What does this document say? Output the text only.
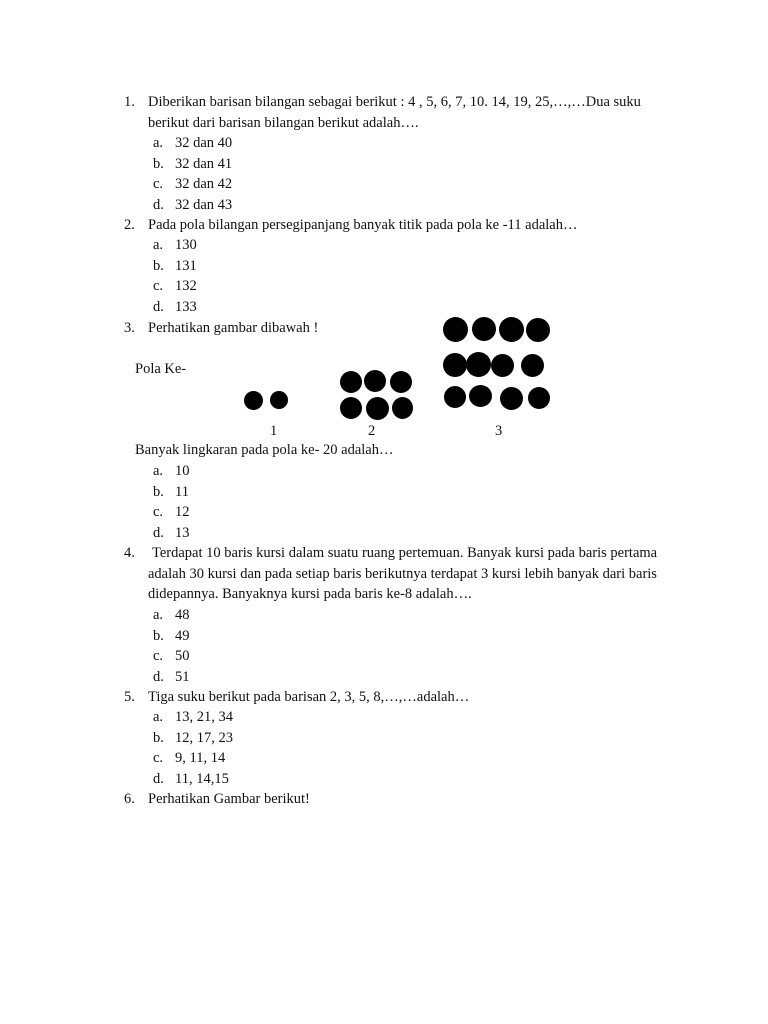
1. Diberikan barisan bilangan sebagai berikut : 4 , 5, 6, 7, 10. 14, 19, 25,…,…Dua suku berikut dari barisan bilangan berikut adalah….
a. 32 dan 40
b. 32 dan 41
c. 32 dan 42
d. 32 dan 43
2. Pada pola bilangan persegipanjang banyak titik pada pola ke -11 adalah…
a. 130
b. 131
c. 132
d. 133
3. Perhatikan gambar dibawah !
Pola Ke-
1	2	3
Banyak lingkaran pada pola ke- 20 adalah…
a. 10
b. 11
c. 12
d. 13
4.	Terdapat 10 baris kursi dalam suatu ruang pertemuan. Banyak kursi pada baris pertama adalah 30 kursi dan pada setiap baris berikutnya terdapat 3 kursi lebih banyak dari baris didepannya. Banyaknya kursi pada baris ke-8 adalah….
a. 48
b. 49
c. 50
d. 51
5. Tiga suku berikut pada barisan 2, 3, 5, 8,…,…adalah…
a. 13, 21, 34
b. 12, 17, 23
c. 9, 11, 14
d. 11, 14,15
6. Perhatikan Gambar berikut!
